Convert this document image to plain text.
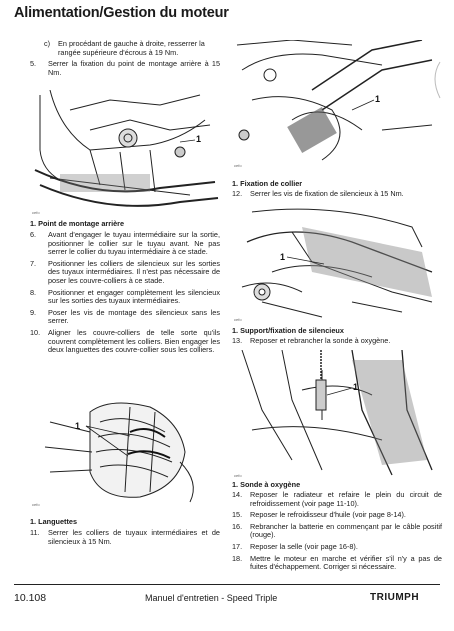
Alimentation/Gestion du moteur
c)	En procédant de gauche à droite, resserrer la rangée supérieure d'écrous à 19 Nm.
5.	Serrer la fixation du point de montage arrière à 15 Nm.
1
cefo
1. Point de montage arrière
6.	Avant d'engager le tuyau intermédiaire sur la sortie, positionner le collier sur le tuyau avant. Ne pas serrer le collier du tuyau intermédiaire à ce stade.
7.	Positionner les colliers de silencieux sur les sorties des tuyaux intermédiaires. Il n'est pas nécessaire de poser les couvre-colliers à ce stade.
8.	Positionner et engager complètement les silencieux sur les sorties des tuyaux intermédiaires.
9.	Poser les vis de montage des silencieux sans les serrer.
10.	Aligner les couvre-colliers de telle sorte qu'ils couvrent complètement les colliers. Bien engager les deux languettes des couvre-collier sous les colliers.
1
cefo
1. Languettes
11.	Serrer les colliers de tuyaux intermédiaires et de silencieux à 15 Nm.
1
cefo
1. Fixation de collier
12.	Serrer les vis de fixation de silencieux à 15 Nm.
1
cefo
1. Support/fixation de silencieux
13.	Reposer et rebrancher la sonde à oxygène.
1
cefo
1. Sonde à oxygène
14.	Reposer le radiateur et refaire le plein du circuit de refroidissement (voir page 11-10).
15.	Reposer le refroidisseur d'huile (voir page 8-14).
16.	Rebrancher la batterie en commençant par le câble positif (rouge).
17.	Reposer la selle (voir page 16-8).
18.	Mettre le moteur en marche et vérifier s'il n'y a pas de fuites d'échappement. Corriger si nécessaire.
10.108	Manuel d'entretien - Speed Triple	TRIUMPH
